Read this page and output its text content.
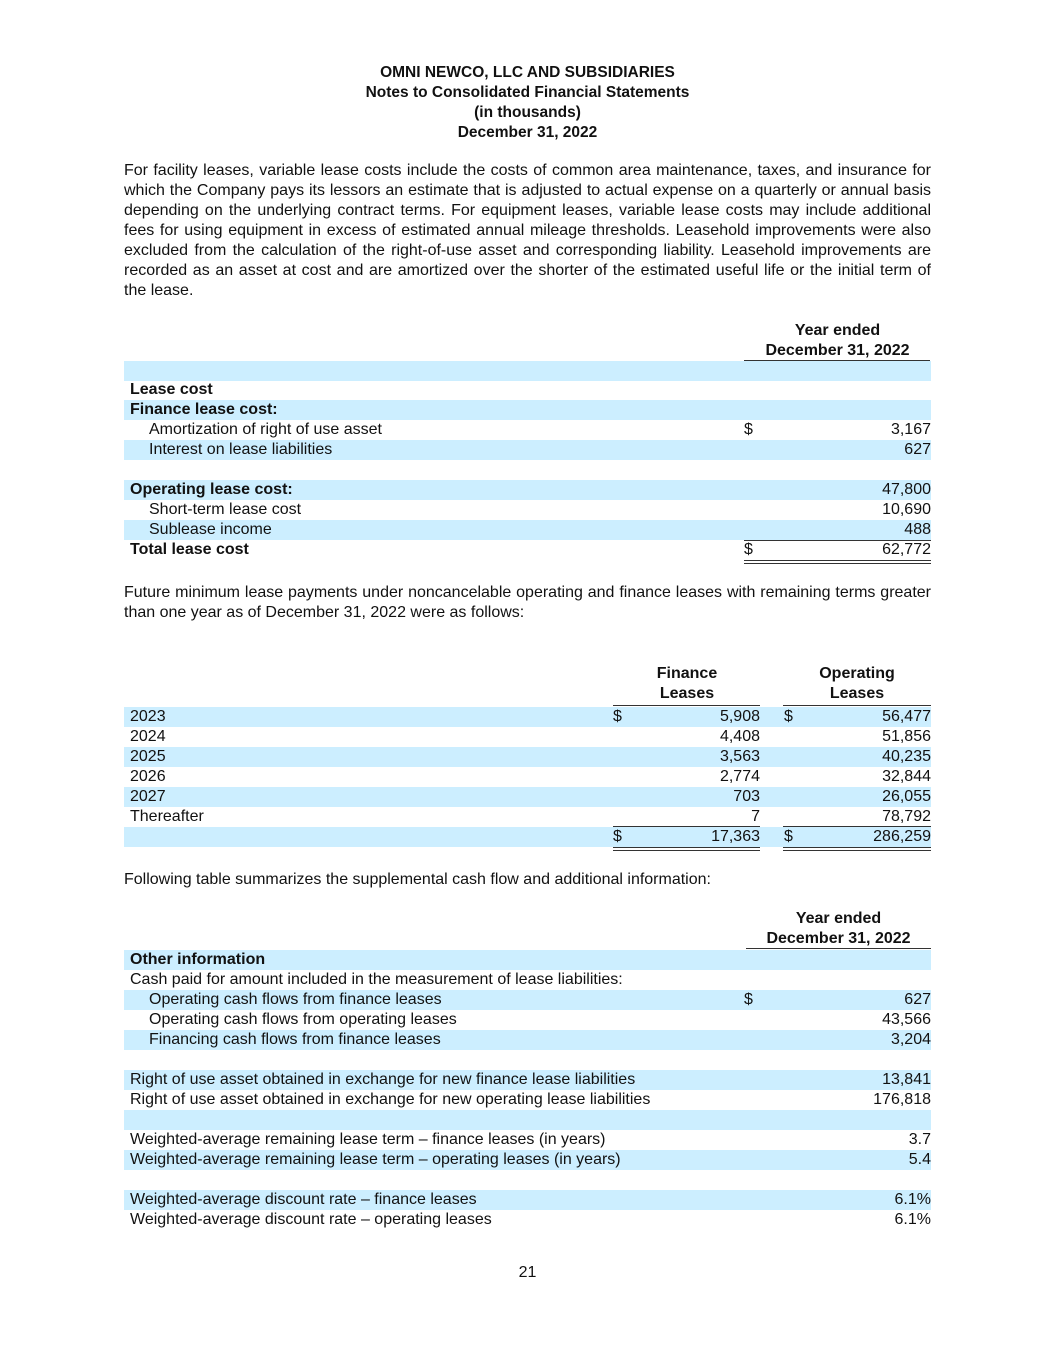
OMNI NEWCO, LLC AND SUBSIDIARIES
Notes to Consolidated Financial Statements
(in thousands)
December 31, 2022
For facility leases, variable lease costs include the costs of common area maintenance, taxes, and insurance for which the Company pays its lessors an estimate that is adjusted to actual expense on a quarterly or annual basis depending on the underlying contract terms. For equipment leases, variable lease costs may include additional fees for using equipment in excess of estimated annual mileage thresholds. Leasehold improvements were also excluded from the calculation of the right-of-use asset and corresponding liability. Leasehold improvements are recorded as an asset at cost and are amortized over the shorter of the estimated useful life or the initial term of the lease.
Year ended
December 31, 2022
Lease cost
Finance lease cost:
Amortization of right of use asset	$	3,167
Interest on lease liabilities	627
Operating lease cost:	47,800
Short-term lease cost	10,690
Sublease income	488
Total lease cost	$	62,772
Future minimum lease payments under noncancelable operating and finance leases with remaining terms greater than one year as of December 31, 2022 were as follows:
Finance
Leases
Operating
Leases
2023	$	5,908 $	56,477
2024	4,408	51,856
2025	3,563	40,235
2026	2,774	32,844
2027	703	26,055
Thereafter	7	78,792
$	17,363 $	286,259
Following table summarizes the supplemental cash flow and additional information:
Year ended
December 31, 2022
Other information
Cash paid for amount included in the measurement of lease liabilities:
Operating cash flows from finance leases	$	627
Operating cash flows from operating leases	43,566
Financing cash flows from finance leases	3,204
Right of use asset obtained in exchange for new finance lease liabilities	13,841
Right of use asset obtained in exchange for new operating lease liabilities	176,818
Weighted-average remaining lease term – finance leases (in years)	3.7
Weighted-average remaining lease term – operating leases (in years)	5.4
Weighted-average discount rate – finance leases	6.1%
Weighted-average discount rate – operating leases	6.1%
21
